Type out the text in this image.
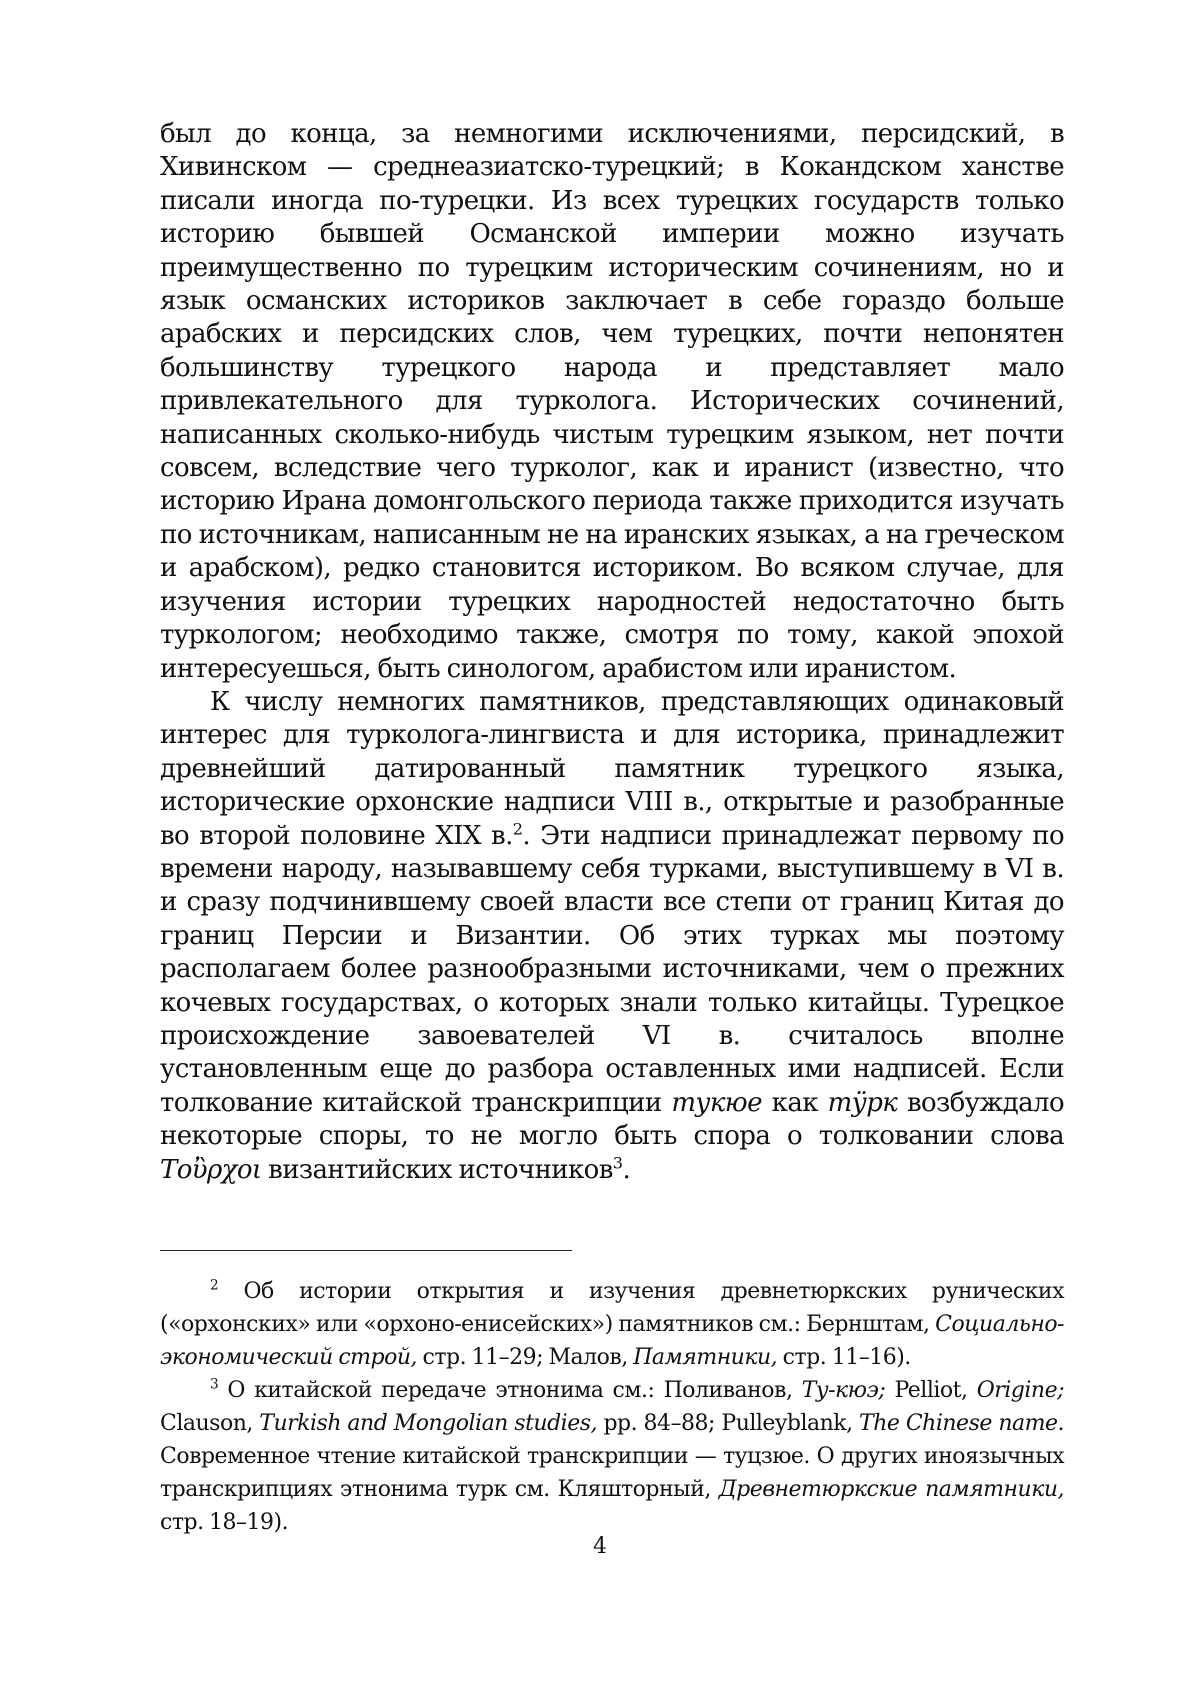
был до конца, за немногими исключениями, персидский, в Хивинском — среднеазиатско-турецкий; в Кокандском ханстве писали иногда по-турецки. Из всех турецких государств только историю бывшей Османской империи можно изучать преимущественно по турецким историческим сочинениям, но и язык османских историков заключает в себе гораздо больше арабских и персидских слов, чем турецких, почти непонятен большинству турецкого народа и представляет мало привлекательного для турколога. Исторических сочинений, написанных сколько-нибудь чистым турецким языком, нет почти совсем, вследствие чего турколог, как и иранист (известно, что историю Ирана домонгольского периода также приходится изучать по источникам, написанным не на иранских языках, а на греческом и арабском), редко становится историком. Во всяком случае, для изучения истории турецких народностей недостаточно быть туркологом; необходимо также, смотря по тому, какой эпохой интересуешься, быть синологом, арабистом или иранистом.

К числу немногих памятников, представляющих одинаковый интерес для турколога-лингвиста и для историка, принадлежит древнейший датированный памятник турецкого языка, исторические орхонские надписи VIII в., открытые и разобранные во второй половине XIX в.$^2$. Эти надписи принадлежат первому по времени народу, называвшему себя турками, выступившему в VI в. и сразу подчинившему своей власти все степи от границ Китая до границ Персии и Византии. Об этих турках мы поэтому располагаем более разнообразными источниками, чем о прежних кочевых государствах, о которых знали только китайцы. Турецкое происхождение завоевателей VI в. считалось вполне установленным еще до разбора оставленных ими надписей. Если толкование китайской транскрипции тукюе как тӱрк возбуждало некоторые споры, то не могло быть спора о толковании слова Τοὒρχοι византийских источников$^3$.

$^2$ Об истории открытия и изучения древнетюркских рунических («орхонских» или «орхоно-енисейских») памятников см.: Бернштам, Социально-экономический строй, стр. 11–29; Малов, Памятники, стр. 11–16).

$^3$ О китайской передаче этнонима см.: Поливанов, Ту-кюэ; Pelliot, Origine; Clauson, Turkish and Mongolian studies, pp. 84–88; Pulleyblank, The Chinese name. Современное чтение китайской транскрипции — туцзюе. О других иноязычных транскрипциях этнонима турк см. Кляшторный, Древнетюркские памятники, стр. 18–19).

4
